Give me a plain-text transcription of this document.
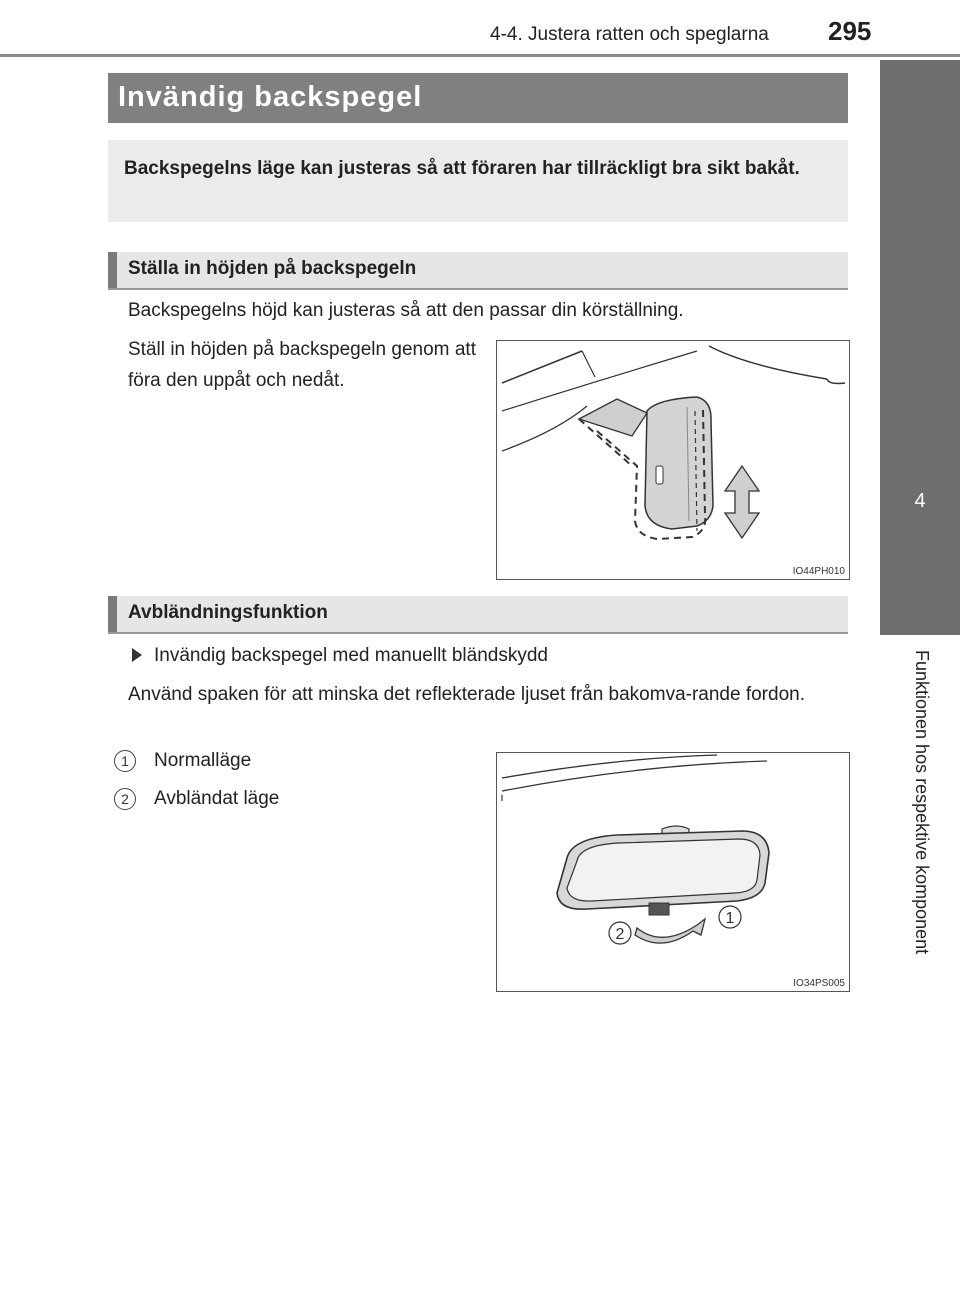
4-4. Justera ratten och speglarna 295
4
Funktionen hos respektive komponent
Invändig backspegel

Backspegelns läge kan justeras så att föraren har tillräckligt bra sikt bakåt.

Ställa in höjden på backspegeln

Backspegelns höjd kan justeras så att den passar din körställning.

Ställ in höjden på backspegeln genom att föra den uppåt och nedåt.

IO44PH010
Avbländningsfunktion

Invändig backspegel med manuellt bländskydd

Använd spaken för att minska det reflekterade ljuset från bakomva-rande fordon.

1	Normalläge

2	Avbländat läge

2
1
IO34PS005
